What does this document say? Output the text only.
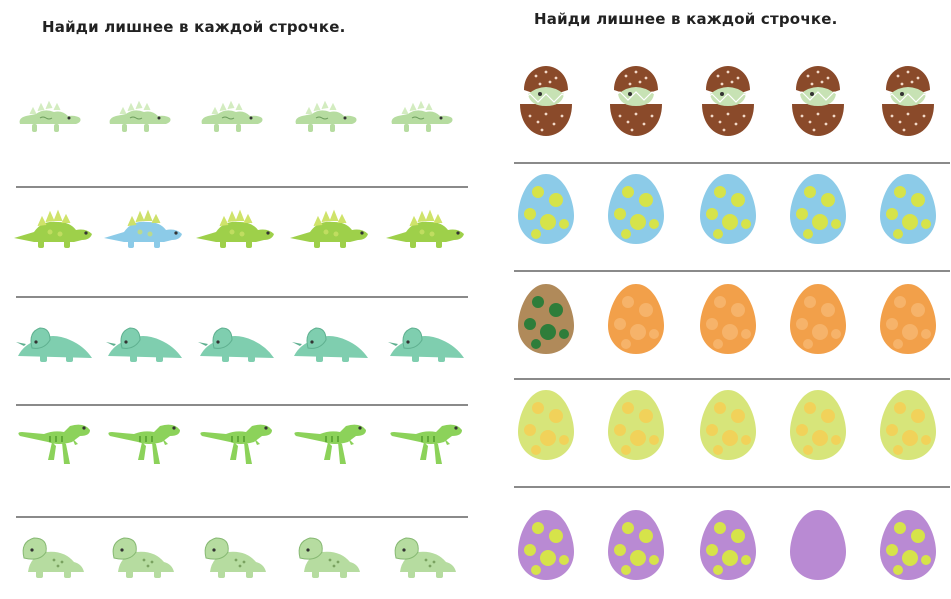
Найди лишнее в каждой строчке.	Найди лишнее в каждой строчке.
